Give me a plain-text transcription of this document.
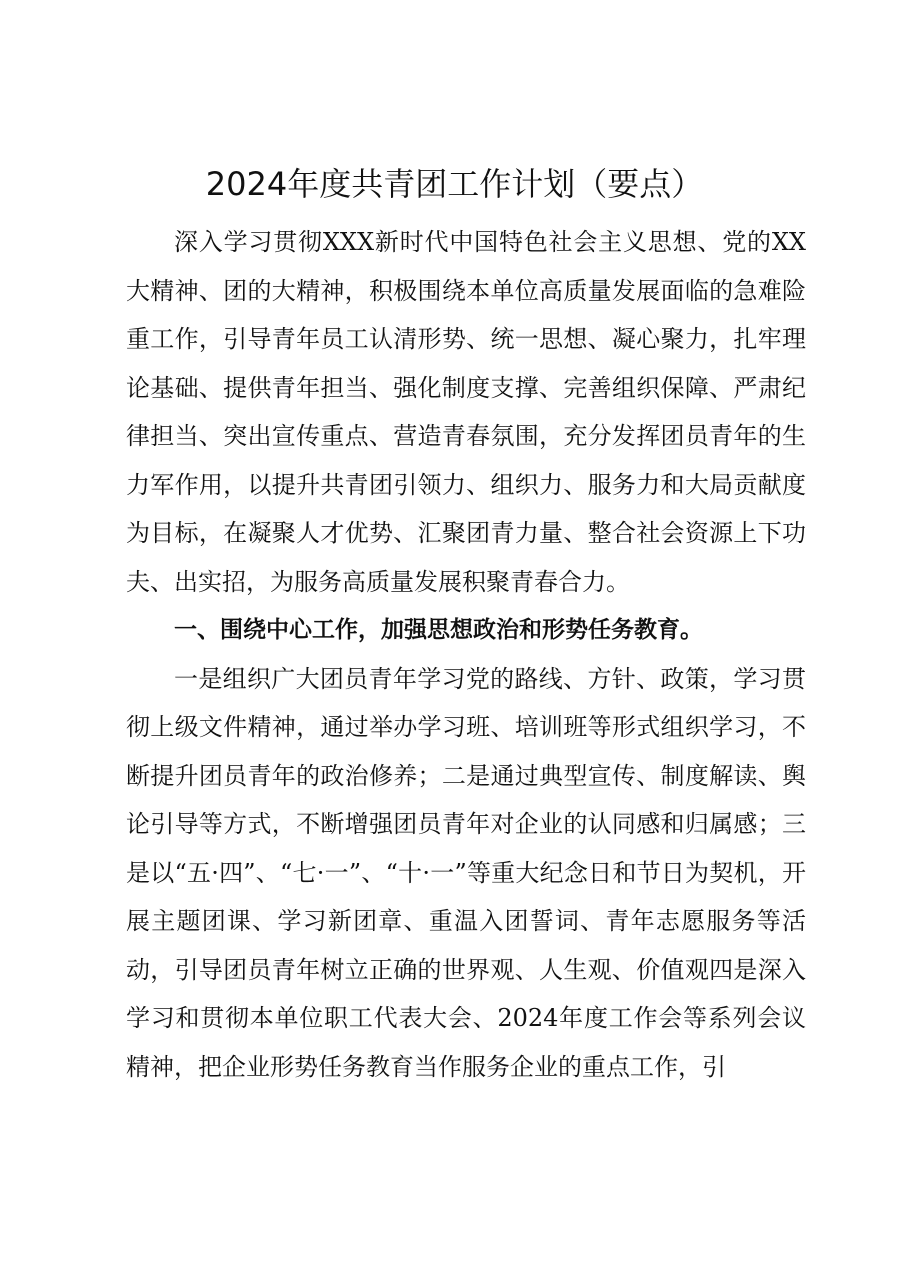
2024年度共青团工作计划（要点）

深入学习贯彻XXX新时代中国特色社会主义思想、党的XX大精神、团的大精神，积极围绕本单位高质量发展面临的急难险重工作，引导青年员工认清形势、统一思想、凝心聚力，扎牢理论基础、提供青年担当、强化制度支撑、完善组织保障、严肃纪律担当、突出宣传重点、营造青春氛围，充分发挥团员青年的生力军作用，以提升共青团引领力、组织力、服务力和大局贡献度为目标，在凝聚人才优势、汇聚团青力量、整合社会资源上下功夫、出实招，为服务高质量发展积聚青春合力。

一、围绕中心工作，加强思想政治和形势任务教育。

一是组织广大团员青年学习党的路线、方针、政策，学习贯彻上级文件精神，通过举办学习班、培训班等形式组织学习，不断提升团员青年的政治修养；二是通过典型宣传、制度解读、舆论引导等方式，不断增强团员青年对企业的认同感和归属感；三是以“五·四”、“七·一”、“十·一”等重大纪念日和节日为契机，开展主题团课、学习新团章、重温入团誓词、青年志愿服务等活动，引导团员青年树立正确的世界观、人生观、价值观四是深入学习和贯彻本单位职工代表大会、2024年度工作会等系列会议精神，把企业形势任务教育当作服务企业的重点工作，引
